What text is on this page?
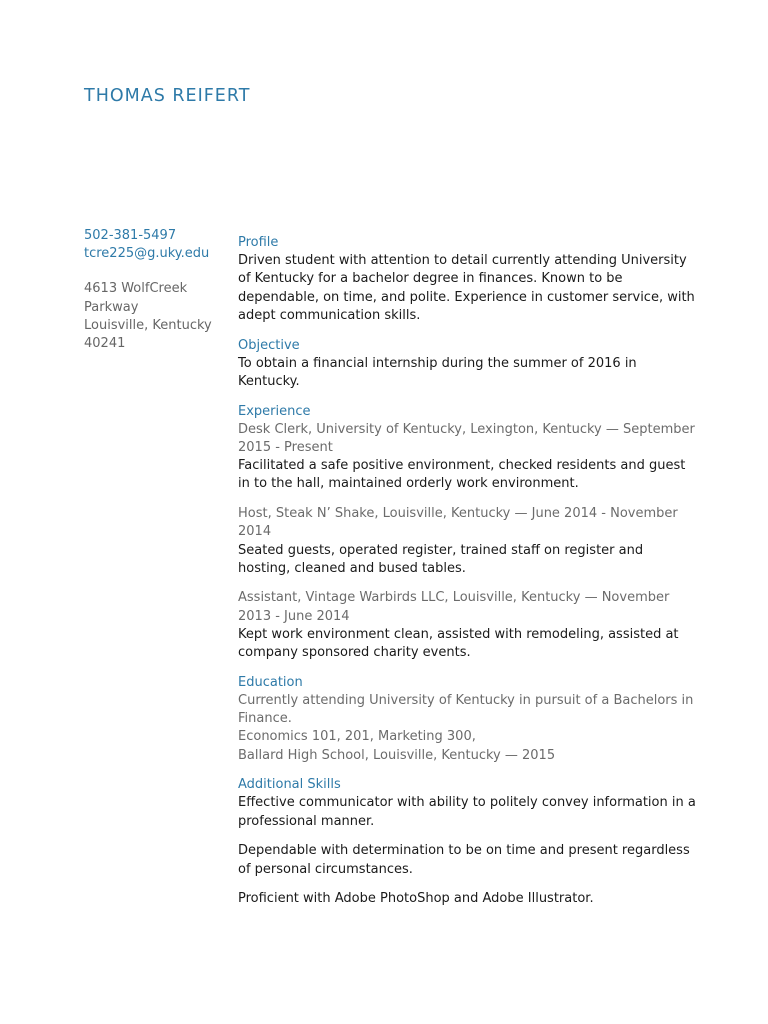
THOMAS REIFERT
502-381-5497
tcre225@g.uky.edu
4613 WolfCreek
Parkway
Louisville, Kentucky
40241
Profile
Driven student with attention to detail currently attending University of Kentucky for a bachelor degree in finances. Known to be dependable, on time, and polite. Experience in customer service, with adept communication skills.
Objective
To obtain a financial internship during the summer of 2016 in Kentucky.
Experience
Desk Clerk, University of Kentucky, Lexington, Kentucky — September 2015 - Present
Facilitated a safe positive environment, checked residents and guest in to the hall, maintained orderly work environment.
Host, Steak N’ Shake, Louisville, Kentucky — June 2014 - November 2014
Seated guests, operated register, trained staff on register and hosting, cleaned and bused tables.
Assistant, Vintage Warbirds LLC, Louisville, Kentucky — November 2013 - June 2014
Kept work environment clean, assisted with remodeling, assisted at company sponsored charity events.
Education
Currently attending University of Kentucky in pursuit of a Bachelors in Finance.
Economics 101, 201, Marketing 300,
Ballard High School, Louisville, Kentucky — 2015
Additional Skills
Effective communicator with ability to politely convey information in a professional manner.
Dependable with determination to be on time and present regardless of personal circumstances.
Proficient with Adobe PhotoShop and Adobe Illustrator.
